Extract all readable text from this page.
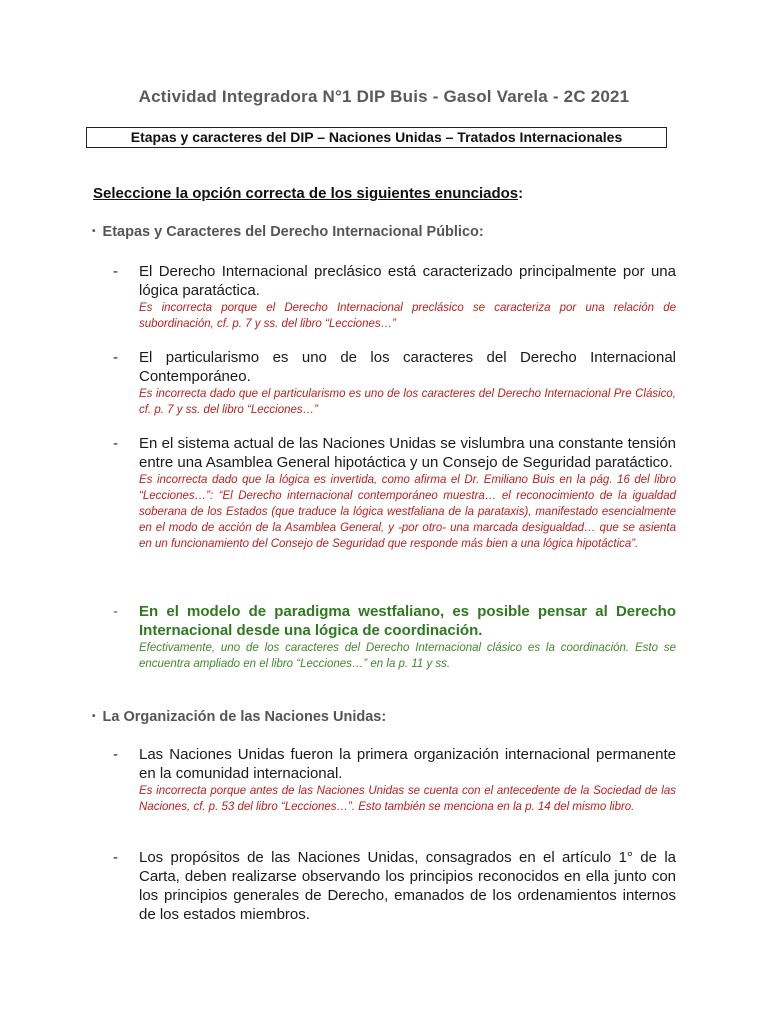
Actividad Integradora N°1 DIP Buis - Gasol Varela - 2C 2021
Etapas y caracteres del DIP – Naciones Unidas – Tratados Internacionales
Seleccione la opción correcta de los siguientes enunciados:
• Etapas y Caracteres del Derecho Internacional Público:
- El Derecho Internacional preclásico está caracterizado principalmente por una lógica paratáctica.
Es incorrecta porque el Derecho Internacional preclásico se caracteriza por una relación de subordinación, cf. p. 7 y ss. del libro “Lecciones…”
- El particularismo es uno de los caracteres del Derecho Internacional Contemporáneo.
Es incorrecta dado que el particularismo es uno de los caracteres del Derecho Internacional Pre Clásico, cf. p. 7 y ss. del libro “Lecciones…”
- En el sistema actual de las Naciones Unidas se vislumbra una constante tensión entre una Asamblea General hipotáctica y un Consejo de Seguridad paratáctico.
Es incorrecta dado que la lógica es invertida, como afirma el Dr. Emiliano Buis en la pág. 16 del libro “Lecciones…”: “El Derecho internacional contemporáneo muestra… el reconocimiento de la igualdad soberana de los Estados (que traduce la lógica westfaliana de la parataxis), manifestado esencialmente en el modo de acción de la Asamblea General, y -por otro- una marcada desigualdad… que se asienta en un funcionamiento del Consejo de Seguridad que responde más bien a una lógica hipotáctica”.
- En el modelo de paradigma westfaliano, es posible pensar al Derecho Internacional desde una lógica de coordinación.
Efectivamente, uno de los caracteres del Derecho Internacional clásico es la coordinación. Esto se encuentra ampliado en el libro “Lecciones…” en la p. 11 y ss.
• La Organización de las Naciones Unidas:
- Las Naciones Unidas fueron la primera organización internacional permanente en la comunidad internacional.
Es incorrecta porque antes de las Naciones Unidas se cuenta con el antecedente de la Sociedad de las Naciones, cf. p. 53 del libro “Lecciones…”. Esto también se menciona en la p. 14 del mismo libro.
- Los propósitos de las Naciones Unidas, consagrados en el artículo 1° de la Carta, deben realizarse observando los principios reconocidos en ella junto con los principios generales de Derecho, emanados de los ordenamientos internos de los estados miembros.
